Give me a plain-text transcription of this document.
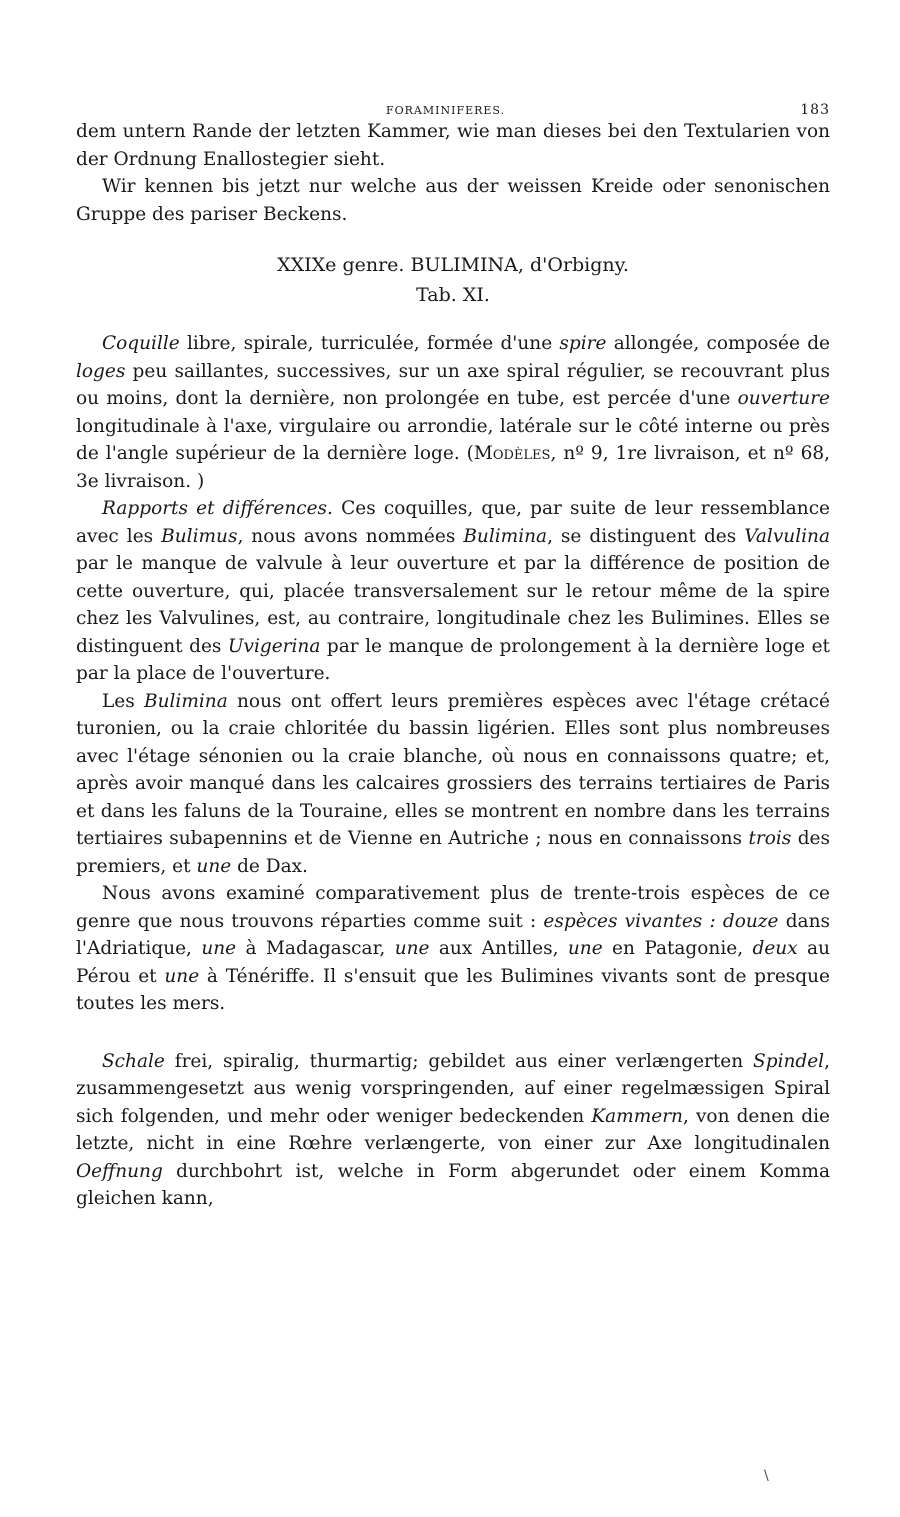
FORAMINIFERES.	183

dem untern Rande der letzten Kammer, wie man dieses bei den Textularien von der Ordnung Enallostegier sieht.

Wir kennen bis jetzt nur welche aus der weissen Kreide oder senonischen Gruppe des pariser Beckens.

XXIXe genre. BULIMINA, d'Orbigny.
Tab. XI.

Coquille libre, spirale, turriculée, formée d'une spire allongée, composée de loges peu saillantes, successives, sur un axe spiral régulier, se recouvrant plus ou moins, dont la dernière, non prolongée en tube, est percée d'une ouverture longitudinale à l'axe, virgulaire ou arrondie, latérale sur le côté interne ou près de l'angle supérieur de la dernière loge. (Modèles, nº 9, 1re livraison, et nº 68, 3e livraison. )

Rapports et différences. Ces coquilles, que, par suite de leur ressemblance avec les Bulimus, nous avons nommées Bulimina, se distinguent des Valvulina par le manque de valvule à leur ouverture et par la différence de position de cette ouverture, qui, placée transversalement sur le retour même de la spire chez les Valvulines, est, au contraire, longitudinale chez les Bulimines. Elles se distinguent des Uvigerina par le manque de prolongement à la dernière loge et par la place de l'ouverture.

Les Bulimina nous ont offert leurs premières espèces avec l'étage crétacé turonien, ou la craie chloritée du bassin ligérien. Elles sont plus nombreuses avec l'étage sénonien ou la craie blanche, où nous en connaissons quatre; et, après avoir manqué dans les calcaires grossiers des terrains tertiaires de Paris et dans les faluns de la Touraine, elles se montrent en nombre dans les terrains tertiaires subapennins et de Vienne en Autriche ; nous en connaissons trois des premiers, et une de Dax.

Nous avons examiné comparativement plus de trente-trois espèces de ce genre que nous trouvons réparties comme suit : espèces vivantes : douze dans l'Adriatique, une à Madagascar, une aux Antilles, une en Patagonie, deux au Pérou et une à Ténériffe. Il s'ensuit que les Bulimines vivants sont de presque toutes les mers.

Schale frei, spiralig, thurmartig; gebildet aus einer verlængerten Spindel, zusammengesetzt aus wenig vorspringenden, auf einer regelmæssigen Spiral sich folgenden, und mehr oder weniger bedeckenden Kammern, von denen die letzte, nicht in eine Rœhre verlængerte, von einer zur Axe longitudinalen Oeffnung durchbohrt ist, welche in Form abgerundet oder einem Komma gleichen kann,

\
